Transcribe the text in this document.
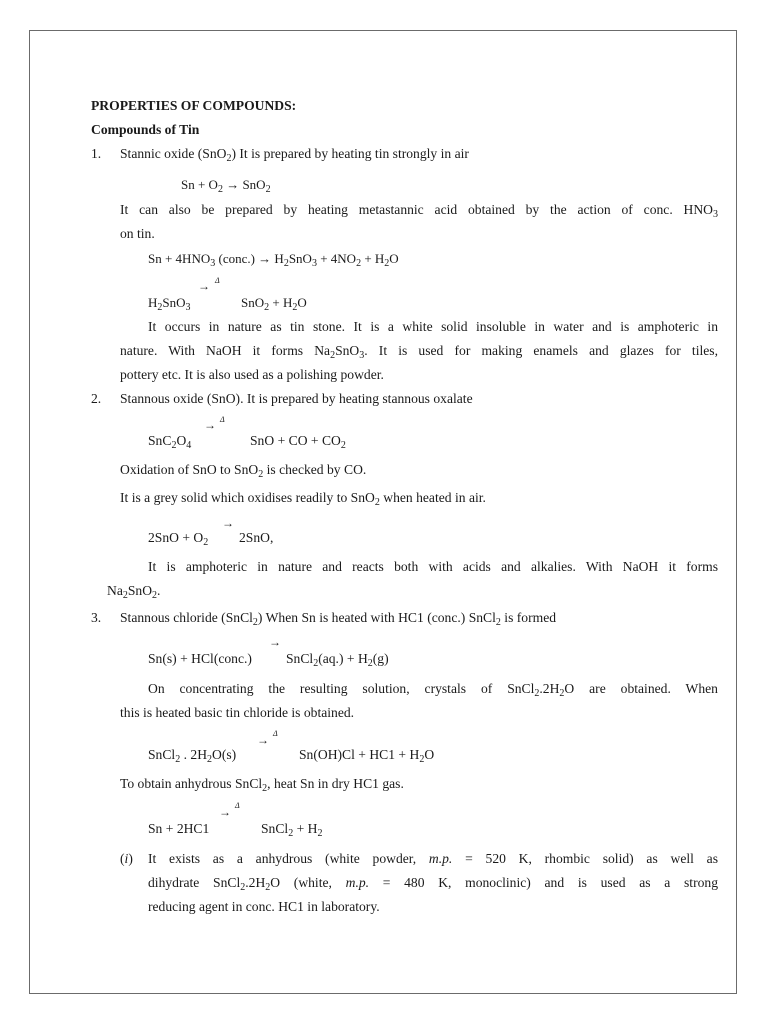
PROPERTIES OF COMPOUNDS:
Compounds of Tin
1. Stannic oxide (SnO$_2$) It is prepared by heating tin strongly in air
$Sn + O_2 \to SnO_2$
It can also be prepared by heating metastannic acid obtained by the action of conc. $HNO_3$
on tin.
$Sn + 4HNO_3$ (conc.) → $H_2SnO_3 + 4NO_2 + H_2O$
→ Δ
$H_2SnO_3$	$SnO_2 + H_2O$
It occurs in nature as tin stone. It is a white solid insoluble in water and is amphoteric in
nature. With NaOH it forms $Na_2SnO_3$. It is used for making enamels and glazes for tiles,
pottery etc. It is also used as a polishing powder.
2. Stannous oxide (SnO). It is prepared by heating stannous oxalate
→ Δ
$SnC_2O_4$	SnO + CO + $CO_2$
Oxidation of SnO to SnO$_2$ is checked by CO.
It is a grey solid which oxidises readily to SnO$_2$ when heated in air.
→
$2SnO + O_2$ 2SnO,
It is amphoteric in nature and reacts both with acids and alkalies. With NaOH it forms
$Na_2SnO_2$.
3. Stannous chloride (SnCl$_2$) When Sn is heated with HC1 (conc.) SnCl$_2$ is formed
→
Sn(s) + HCl(conc.)	SnCl$_2$(aq.) + $H_2(g)$
On concentrating the resulting solution, crystals of $SnCl_2.2H_2O$ are obtained. When
this is heated basic tin chloride is obtained.
→ Δ
SnCl$_2$ . $2H_2O(s)$	$Sn(OH)Cl + HC1 + H_2O$
To obtain anhydrous SnCl$_2$, heat Sn in dry HC1 gas.
→ Δ
Sn + 2HC1	SnCl$_2$ + $H_2$
(i) It exists as a anhydrous (white powder, m.p. = 520 K, rhombic solid) as well as
dihydrate $SnCl_2.2H_2O$ (white, m.p. = 480 K, monoclinic) and is used as a strong
reducing agent in conc. HC1 in laboratory.
